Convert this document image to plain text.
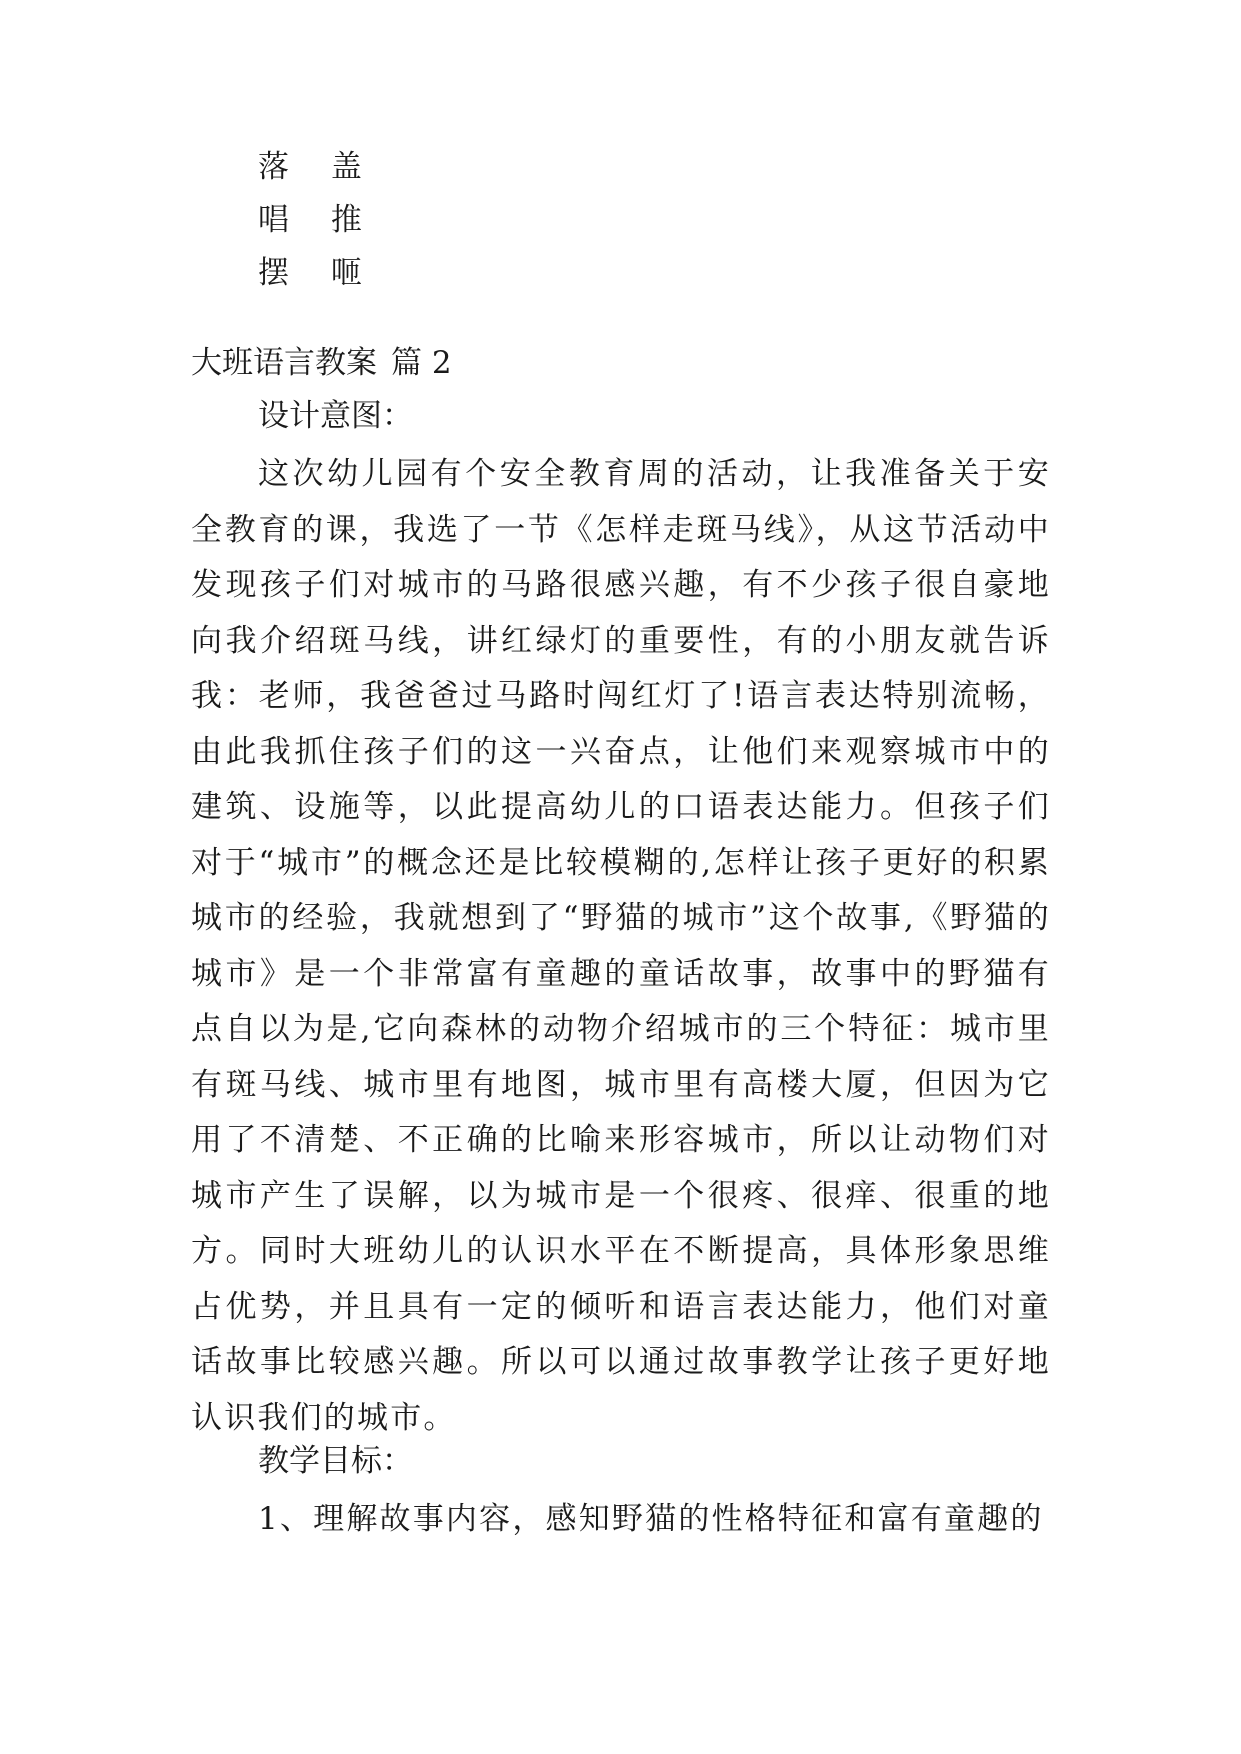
落 盖
唱 推
摆 咂
大班语言教案 篇 2
设计意图：

这次幼儿园有个安全教育周的活动，让我准备关于安全教育的课，我选了一节《怎样走斑马线》，从这节活动中发现孩子们对城市的马路很感兴趣，有不少孩子很自豪地向我介绍斑马线，讲红绿灯的重要性，有的小朋友就告诉我：老师，我爸爸过马路时闯红灯了!语言表达特别流畅，由此我抓住孩子们的这一兴奋点，让他们来观察城市中的建筑、设施等，以此提高幼儿的口语表达能力。但孩子们对于“城市”的概念还是比较模糊的,怎样让孩子更好的积累城市的经验，我就想到了“野猫的城市”这个故事,《野猫的城市》是一个非常富有童趣的童话故事，故事中的野猫有点自以为是,它向森林的动物介绍城市的三个特征：城市里有斑马线、城市里有地图，城市里有高楼大厦，但因为它用了不清楚、不正确的比喻来形容城市，所以让动物们对城市产生了误解，以为城市是一个很疼、很痒、很重的地方。同时大班幼儿的认识水平在不断提高，具体形象思维占优势，并且具有一定的倾听和语言表达能力，他们对童话故事比较感兴趣。所以可以通过故事教学让孩子更好地认识我们的城市。

教学目标：

1、理解故事内容，感知野猫的性格特征和富有童趣的
